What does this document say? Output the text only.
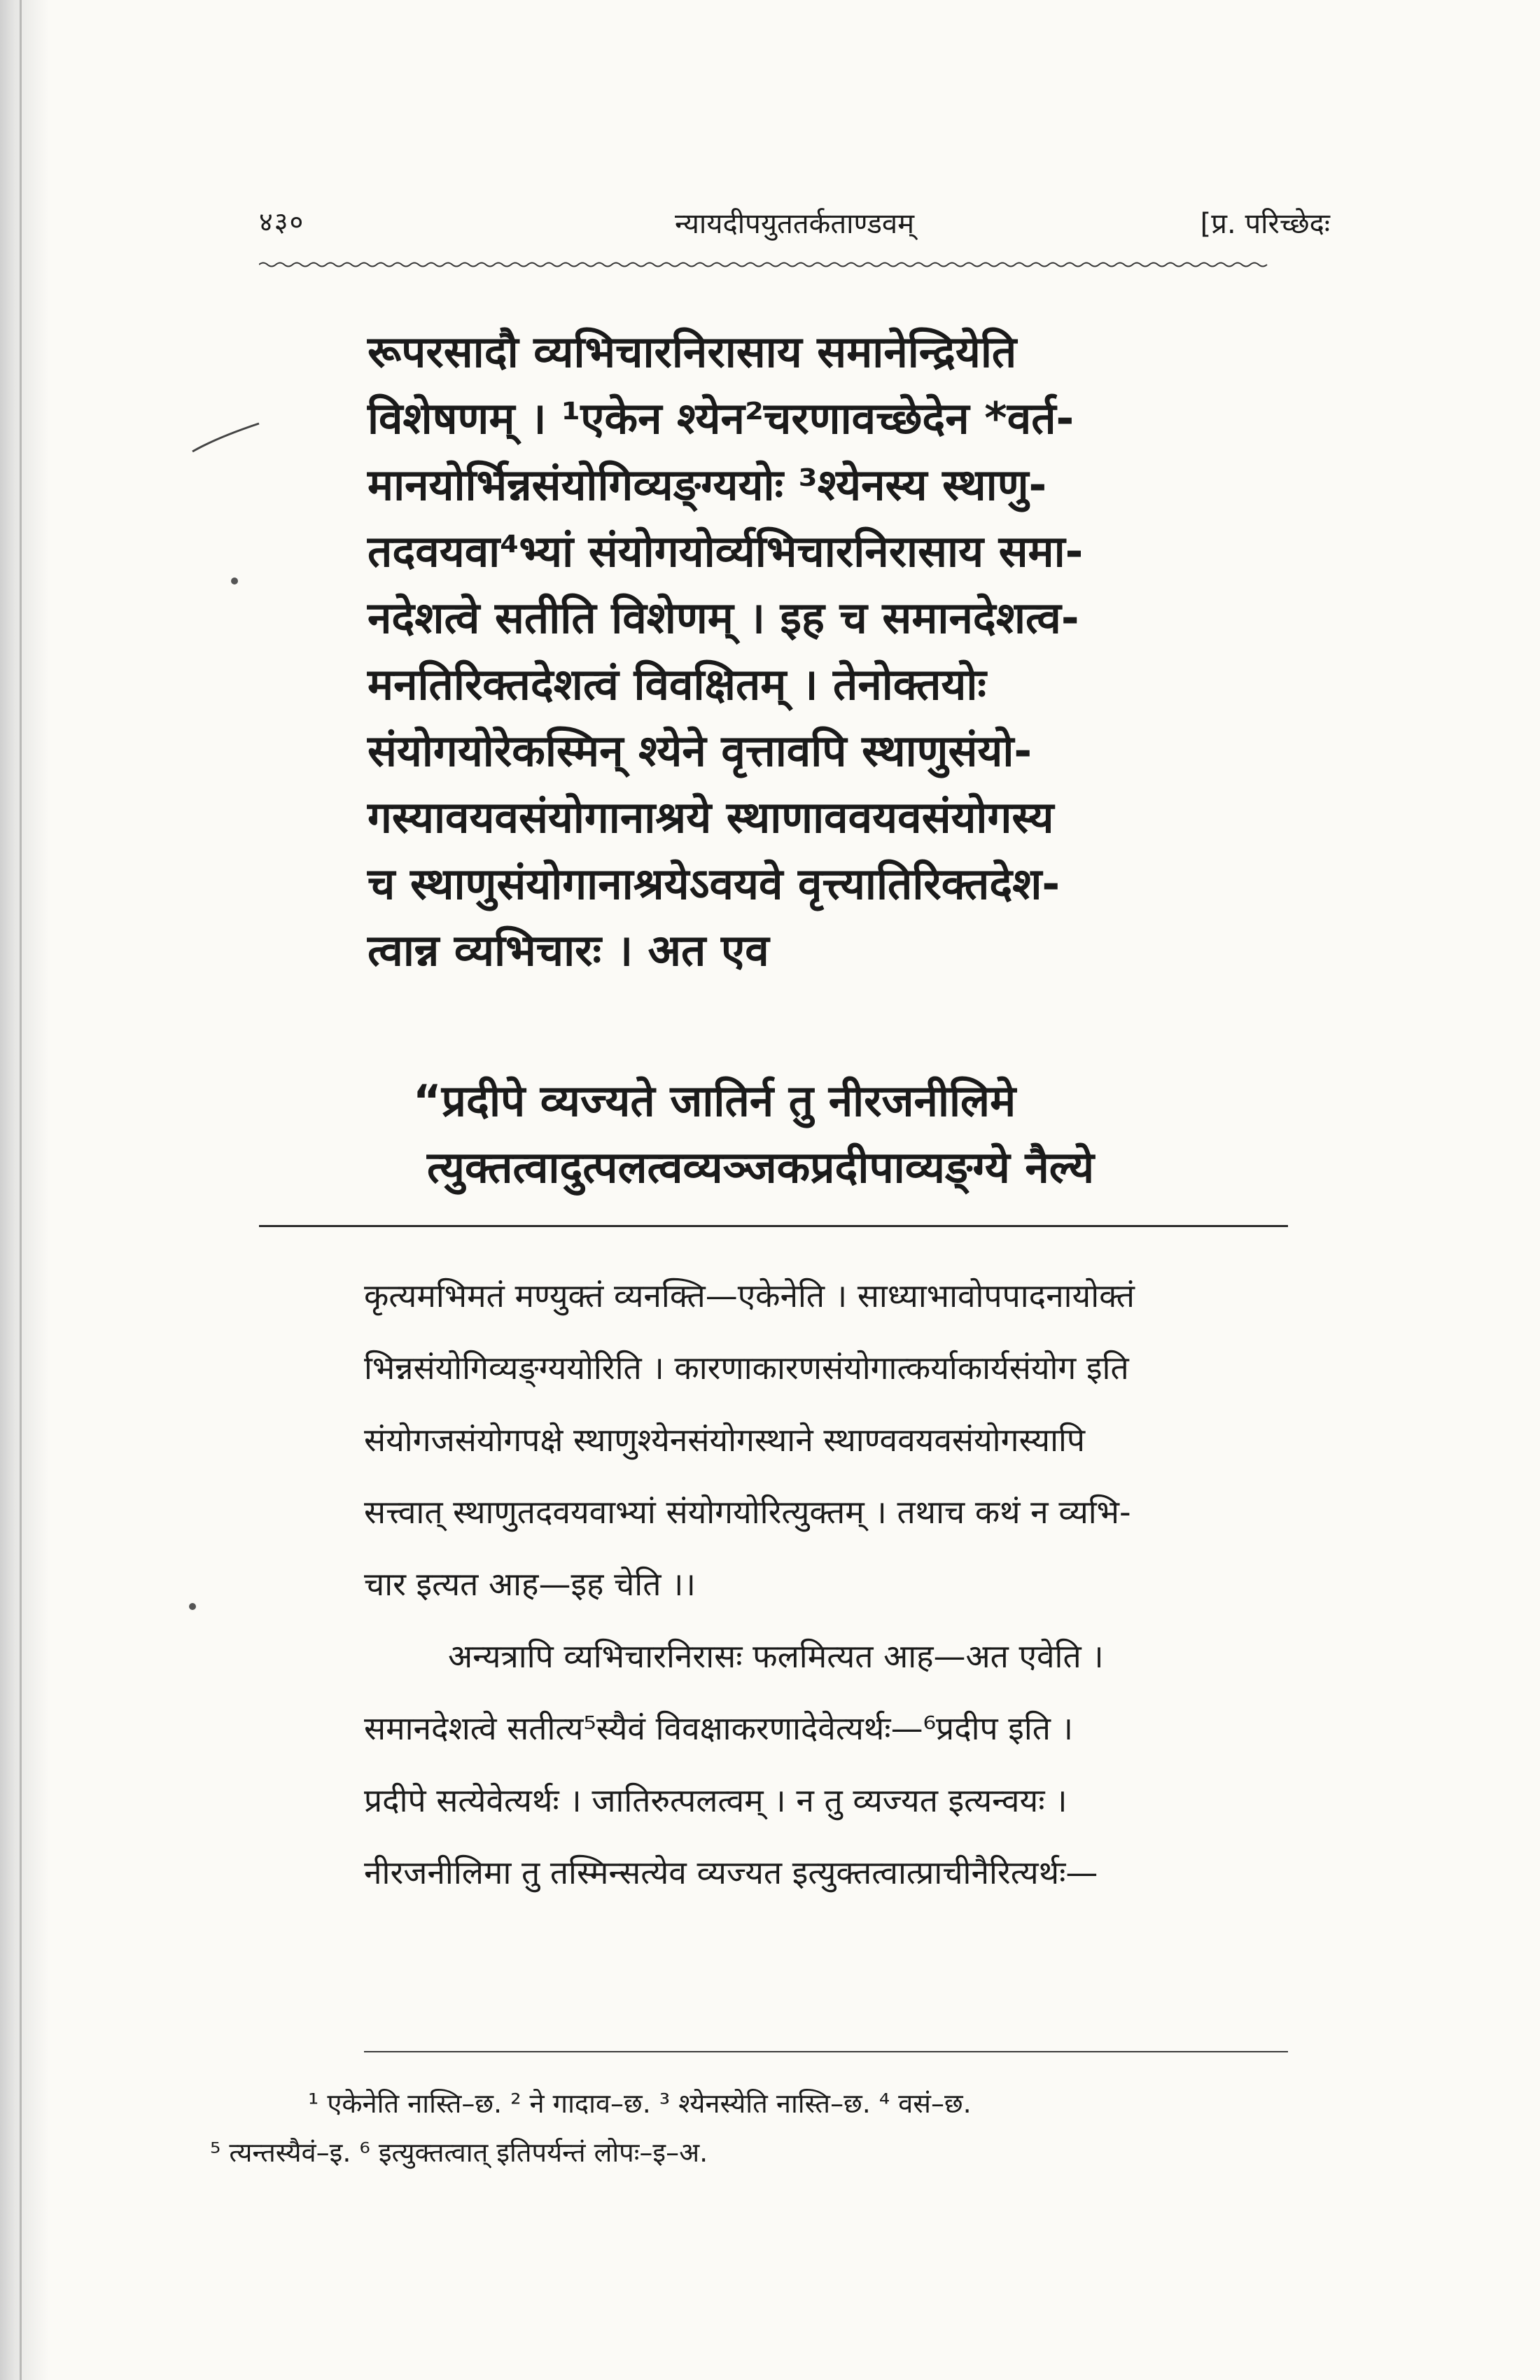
४३०	न्यायदीपयुततर्कताण्डवम्	[प्र. परिच्छेदः

रूपरसादौ व्यभिचारनिरासाय समानेन्द्रियेति

विशेषणम् । ¹एकेन श्येन²चरणावच्छेदेन *वर्त-

मानयोर्भिन्नसंयोगिव्यङ्ग्ययोः ³श्येनस्य स्थाणु-

तदवयवा⁴भ्यां संयोगयोर्व्यभिचारनिरासाय समा-

नदेशत्वे सतीति विशेणम् । इह च समानदेशत्व-

मनतिरिक्तदेशत्वं विवक्षितम् । तेनोक्तयोः

संयोगयोरेकस्मिन् श्येने वृत्तावपि स्थाणुसंयो-

गस्यावयवसंयोगानाश्रये स्थाणाववयवसंयोगस्य

च स्थाणुसंयोगानाश्रयेऽवयवे वृत्त्यातिरिक्तदेश-

त्वान्न व्यभिचारः । अत एव

“प्रदीपे व्यज्यते जातिर्न तु नीरजनीलिमे

त्युक्तत्वादुत्पलत्वव्यञ्जकप्रदीपाव्यङ्ग्ये नैल्ये

कृत्यमभिमतं मण्युक्तं व्यनक्ति—एकेनेति । साध्याभावोपपादनायोक्तं

भिन्नसंयोगिव्यङ्ग्ययोरिति । कारणाकारणसंयोगात्कर्याकार्यसंयोग इति

संयोगजसंयोगपक्षे स्थाणुश्येनसंयोगस्थाने स्थाण्ववयवसंयोगस्यापि

सत्त्वात् स्थाणुतदवयवाभ्यां संयोगयोरित्युक्तम् । तथाच कथं न व्यभि-

चार इत्यत आह—इह चेति ।।

अन्यत्रापि व्यभिचारनिरासः फलमित्यत आह—अत एवेति ।

समानदेशत्वे सतीत्य⁵स्यैवं विवक्षाकरणादेवेत्यर्थः—⁶प्रदीप इति ।

प्रदीपे सत्येवेत्यर्थः । जातिरुत्पलत्वम् । न तु व्यज्यत इत्यन्वयः ।

नीरजनीलिमा तु तस्मिन्सत्येव व्यज्यत इत्युक्तत्वात्प्राचीनैरित्यर्थः—

¹ एकेनेति नास्ति–छ. ² ने गादाव–छ. ³ श्येनस्येति नास्ति–छ. ⁴ वसं–छ.

⁵ त्यन्तस्यैवं–इ. ⁶ इत्युक्तत्वात् इतिपर्यन्तं लोपः–इ–अ.
